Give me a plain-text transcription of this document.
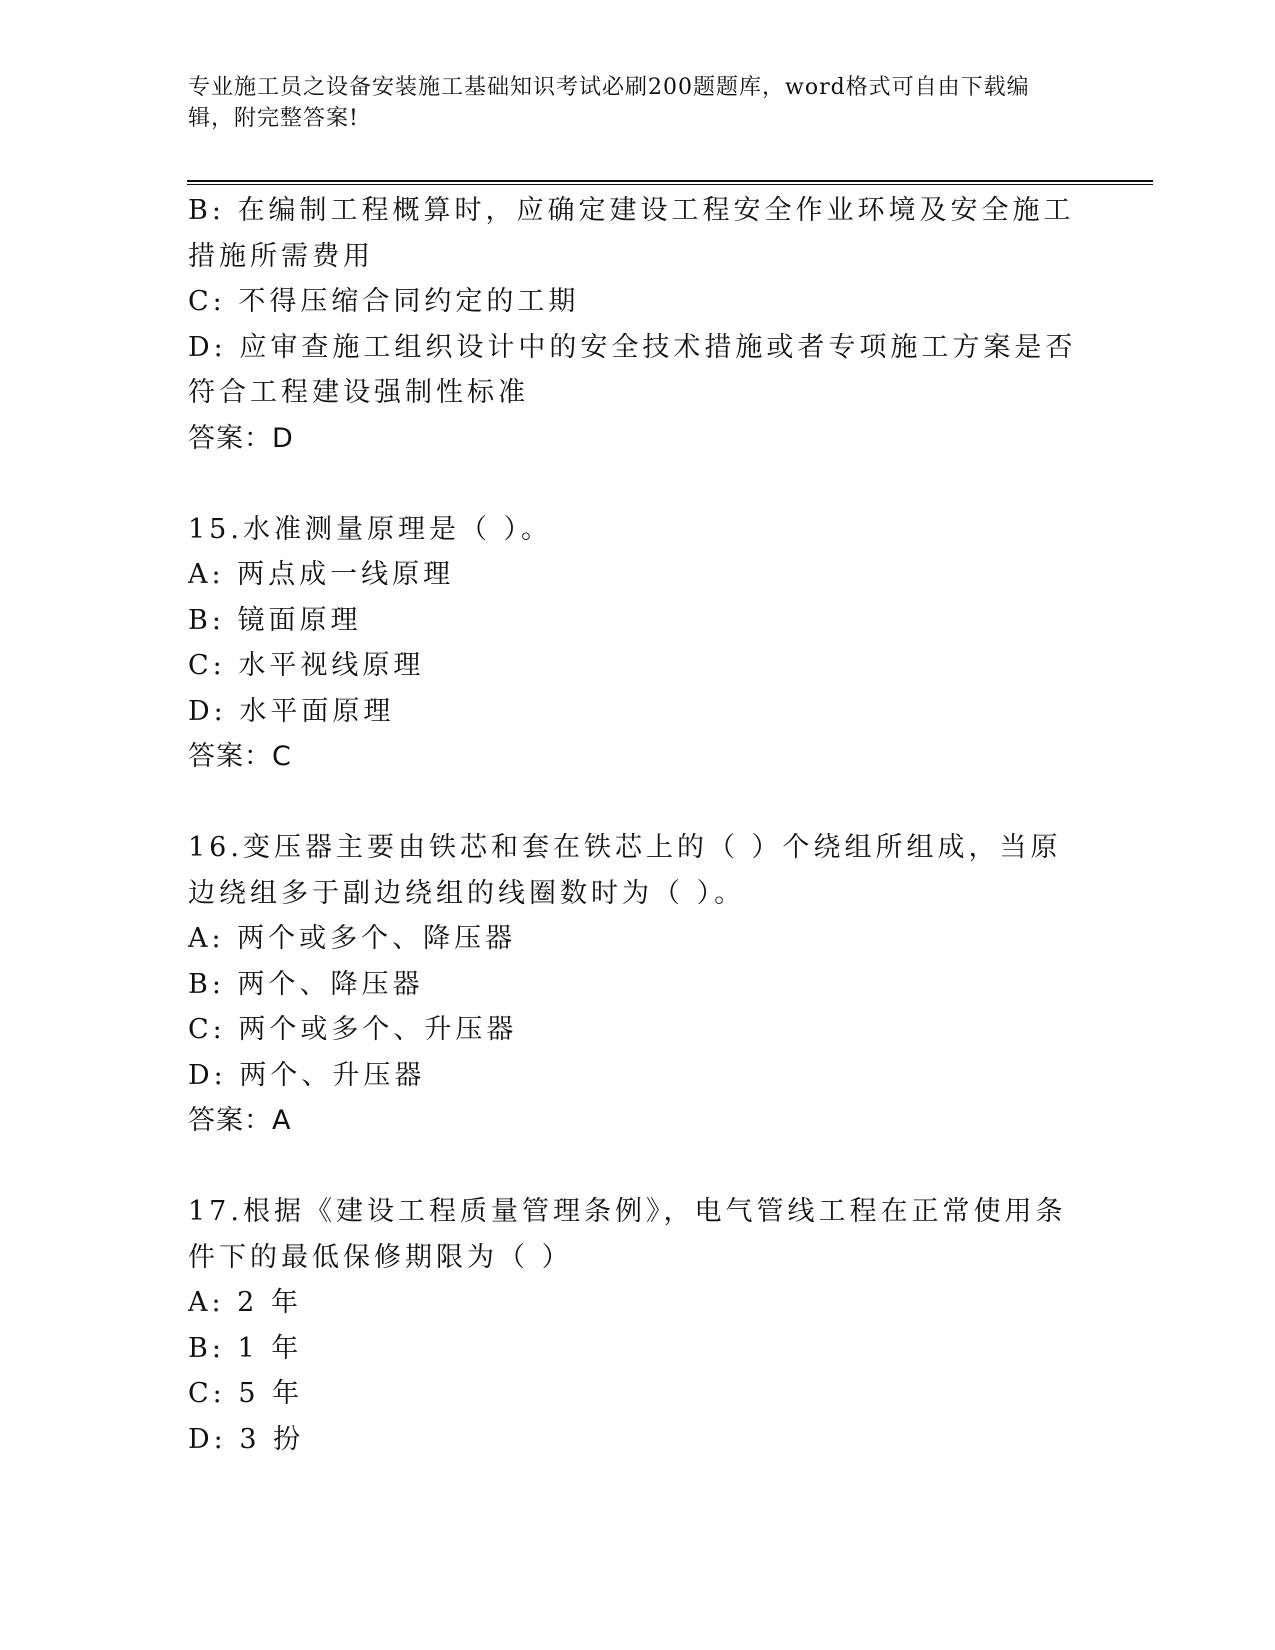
专业施工员之设备安装施工基础知识考试必刷200题题库，word格式可自由下载编辑，附完整答案!

B: 在编制工程概算时，应确定建设工程安全作业环境及安全施工措施所需费用

C: 不得压缩合同约定的工期

D: 应审查施工组织设计中的安全技术措施或者专项施工方案是否符合工程建设强制性标准

答案：D

15.水准测量原理是（ ）。

A: 两点成一线原理

B: 镜面原理

C: 水平视线原理

D: 水平面原理

答案：C

16.变压器主要由铁芯和套在铁芯上的（ ）个绕组所组成，当原边绕组多于副边绕组的线圈数时为（ ）。

A: 两个或多个、降压器

B: 两个、降压器

C: 两个或多个、升压器

D: 两个、升压器

答案：A

17.根据《建设工程质量管理条例》，电气管线工程在正常使用条件下的最低保修期限为（ ）

A: 2 年

B: 1 年

C: 5 年

D: 3 扮
